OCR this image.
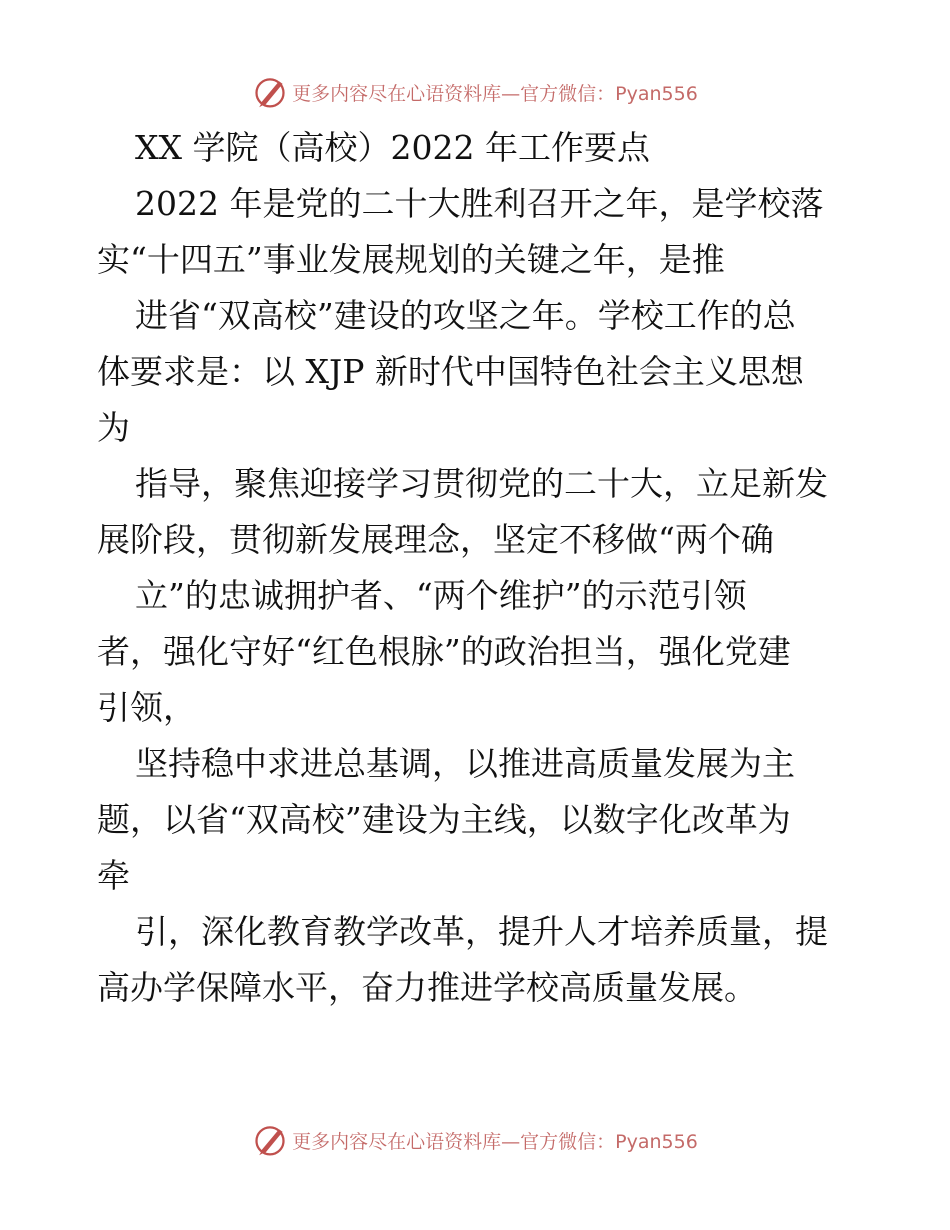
更多内容尽在心语资料库—官方微信：Pyan556
XX 学院（高校）2022 年工作要点
2022 年是党的二十大胜利召开之年，是学校落
实“十四五”事业发展规划的关键之年，是推
进省“双高校”建设的攻坚之年。学校工作的总
体要求是：以 XJP 新时代中国特色社会主义思想
为
指导，聚焦迎接学习贯彻党的二十大，立足新发
展阶段，贯彻新发展理念，坚定不移做“两个确
立”的忠诚拥护者、“两个维护”的示范引领
者，强化守好“红色根脉”的政治担当，强化党建
引领，
坚持稳中求进总基调，以推进高质量发展为主
题，以省“双高校”建设为主线，以数字化改革为
牵
引，深化教育教学改革，提升人才培养质量，提
高办学保障水平，奋力推进学校高质量发展。
更多内容尽在心语资料库—官方微信：Pyan556
